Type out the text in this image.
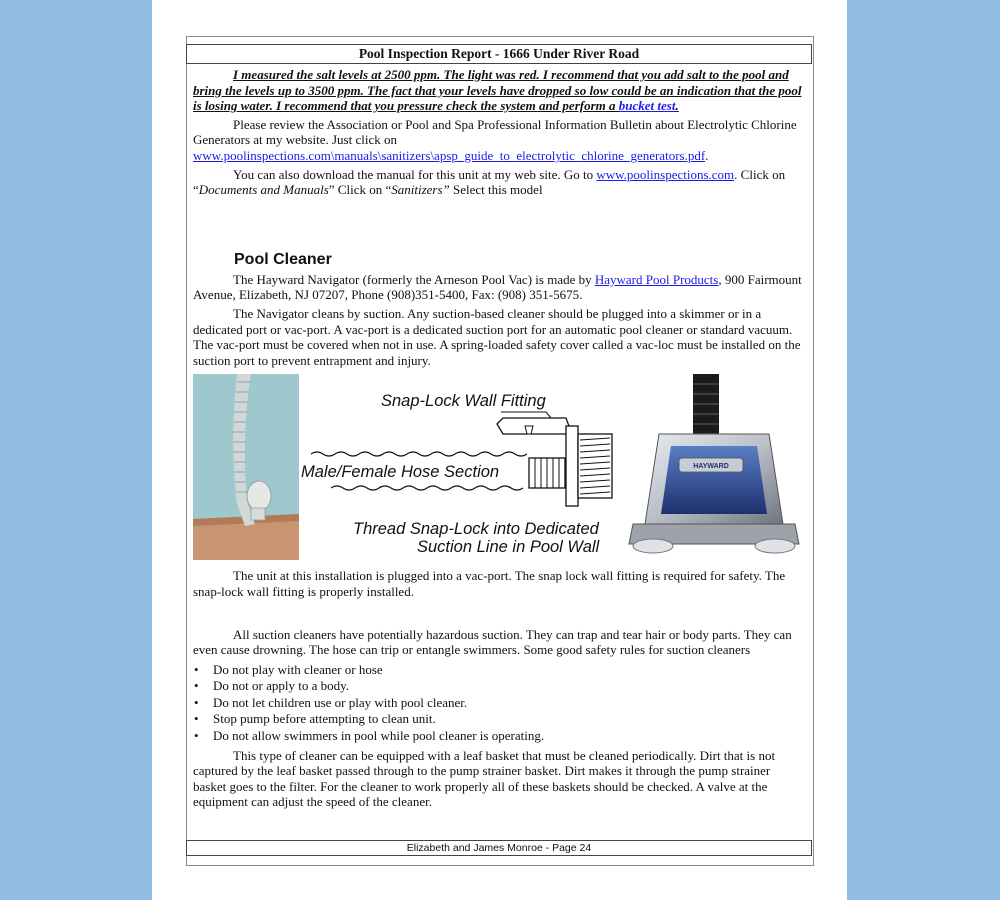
Pool Inspection Report - 1666 Under River Road

I measured the salt levels at 2500 ppm. The light was red. I recommend that you add salt to the pool and bring the levels up to 3500 ppm. The fact that your levels have dropped so low could be an indication that the pool is losing water. I recommend that you pressure check the system and perform a bucket test.

Please review the Association or Pool and Spa Professional Information Bulletin about Electrolytic Chlorine Generators at my website. Just click on www.poolinspections.com\manuals\sanitizers\apsp_guide_to_electrolytic_chlorine_generators.pdf.

You can also download the manual for this unit at my web site. Go to www.poolinspections.com. Click on “Documents and Manuals” Click on “Sanitizers” Select this model

Pool Cleaner

The Hayward Navigator (formerly the Arneson Pool Vac) is made by Hayward Pool Products, 900 Fairmount Avenue, Elizabeth, NJ 07207, Phone (908)351-5400, Fax: (908) 351-5675.

The Navigator cleans by suction. Any suction-based cleaner should be plugged into a skimmer or in a dedicated port or vac-port. A vac-port is a dedicated suction port for an automatic pool cleaner or standard vacuum. The vac-port must be covered when not in use. A spring-loaded safety cover called a vac-loc must be installed on the suction port to prevent entrapment and injury.

Snap-Lock Wall Fitting
Male/Female Hose Section
Thread Snap-Lock into Dedicated
Suction Line in Pool Wall
HAYWARD

The unit at this installation is plugged into a vac-port. The snap lock wall fitting is required for safety. The snap-lock wall fitting is properly installed.

All suction cleaners have potentially hazardous suction. They can trap and tear hair or body parts. They can even cause drowning. The hose can trip or entangle swimmers. Some good safety rules for suction cleaners

• Do not play with cleaner or hose
• Do not or apply to a body.
• Do not let children use or play with pool cleaner.
• Stop pump before attempting to clean unit.
• Do not allow swimmers in pool while pool cleaner is operating.

This type of cleaner can be equipped with a leaf basket that must be cleaned periodically. Dirt that is not captured by the leaf basket passed through to the pump strainer basket. Dirt makes it through the pump strainer basket goes to the filter. For the cleaner to work properly all of these baskets should be checked. A valve at the equipment can adjust the speed of the cleaner.

Elizabeth and James Monroe - Page 24
